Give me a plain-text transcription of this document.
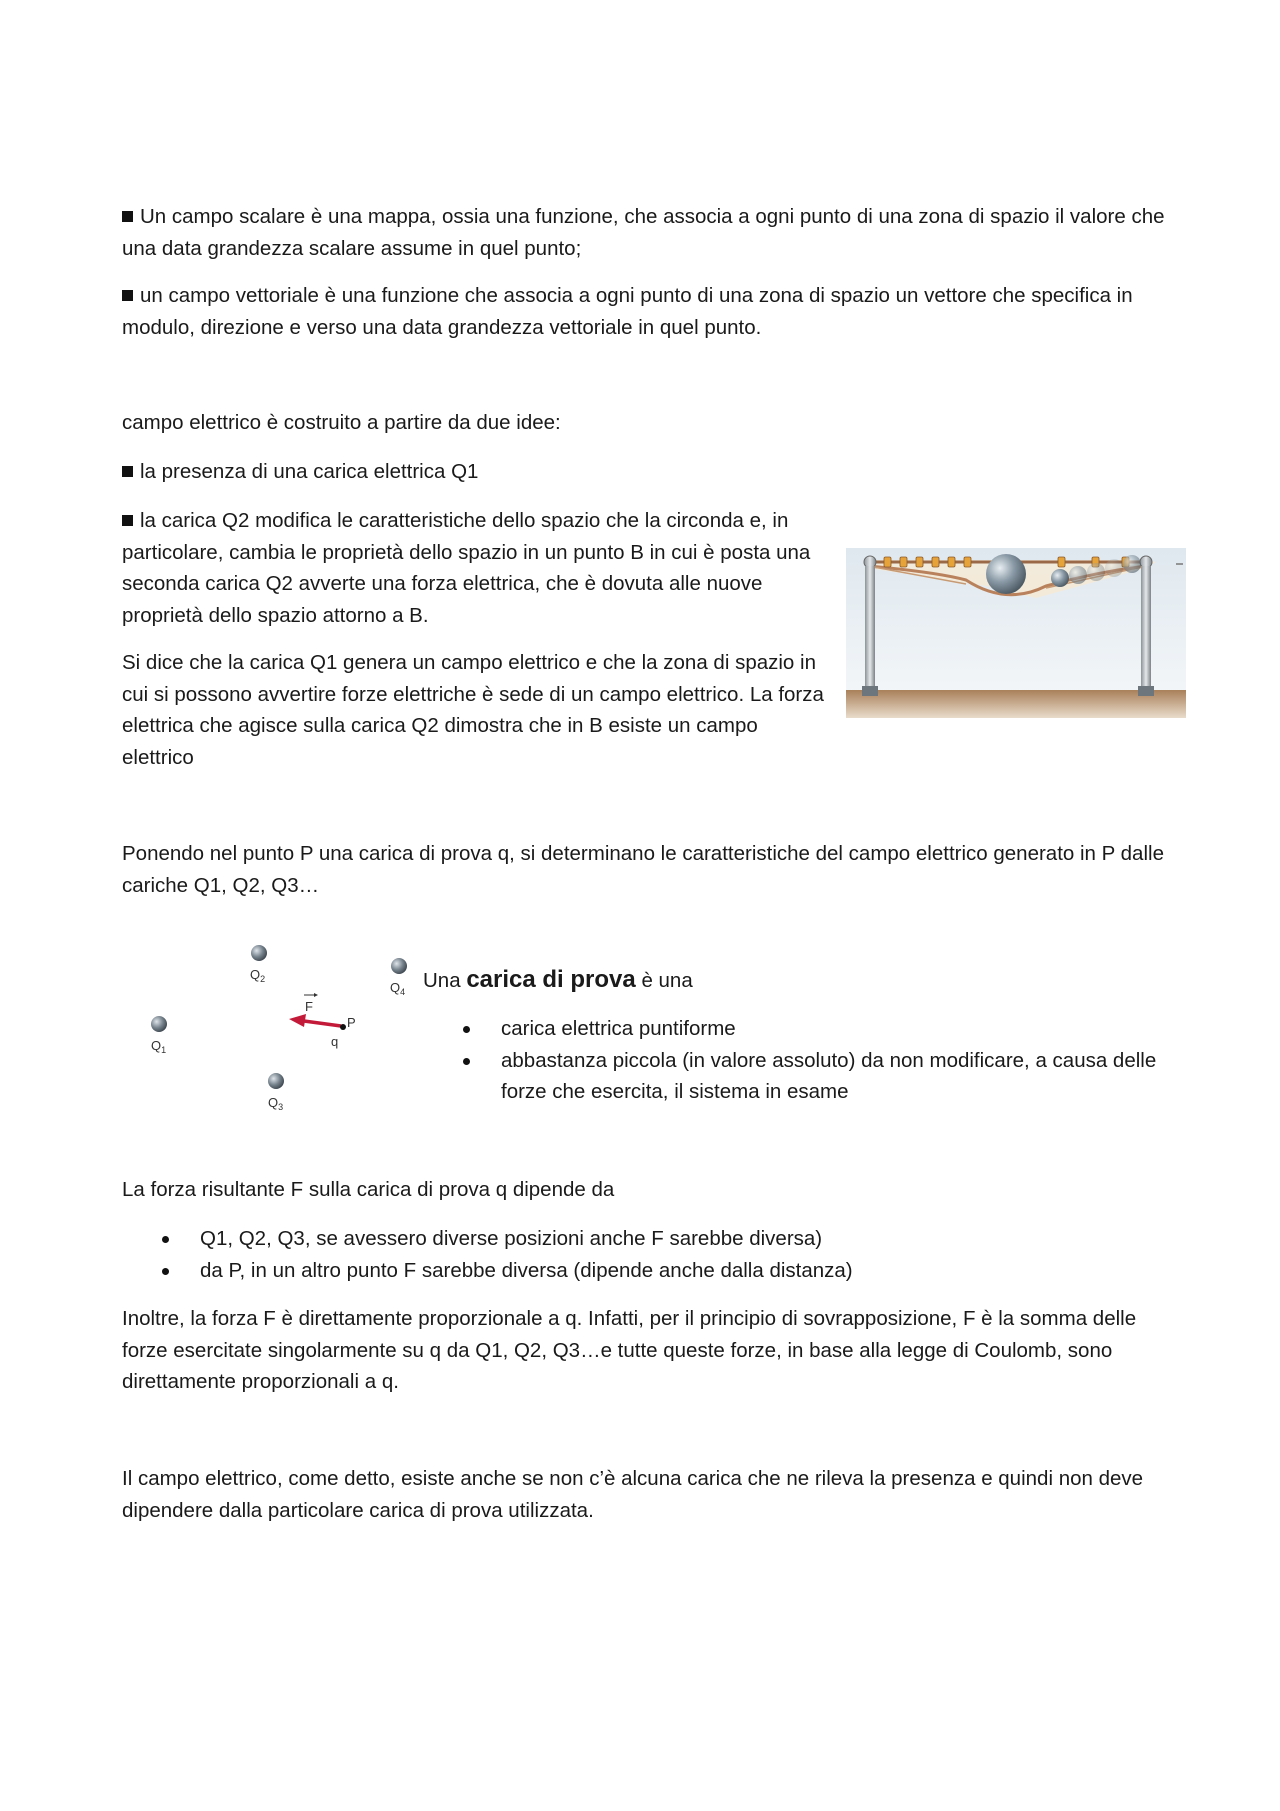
Un campo scalare è una mappa, ossia una funzione, che associa a ogni punto di una zona di spazio il valore che una data grandezza scalare assume in quel punto;

un campo vettoriale è una funzione che associa a ogni punto di una zona di spazio un vettore che specifica in modulo, direzione e verso una data grandezza vettoriale in quel punto.

campo elettrico è costruito a partire da due idee:

la presenza di una carica elettrica Q1

la carica Q2 modifica le caratteristiche dello spazio che la circonda e, in particolare, cambia le proprietà dello spazio in un punto B in cui è posta una seconda carica Q2 avverte una forza elettrica, che è dovuta alle nuove proprietà dello spazio attorno a B.

Si dice che la carica Q1 genera un campo elettrico e che la zona di spazio in cui si possono avvertire forze elettriche è sede di un campo elettrico. La forza elettrica che agisce sulla carica Q2 dimostra che in B esiste un campo elettrico

Ponendo nel punto P una carica di prova q, si determinano le caratteristiche del campo elettrico generato in P dalle cariche Q1, Q2, Q3…

F
P
q
$Q_2$
$Q_4$
$Q_1$
$Q_3$

Una carica di prova è una

carica elettrica puntiforme
abbastanza piccola (in valore assoluto) da non modificare, a causa delle forze che esercita, il sistema in esame

La forza risultante F sulla carica di prova q dipende da

Q1, Q2, Q3, se avessero diverse posizioni anche F sarebbe diversa)
da P, in un altro punto F sarebbe diversa (dipende anche dalla distanza)

Inoltre, la forza F è direttamente proporzionale a q. Infatti, per il principio di sovrapposizione, F è la somma delle forze esercitate singolarmente su q da Q1, Q2, Q3…e tutte queste forze, in base alla legge di Coulomb, sono direttamente proporzionali a q.

Il campo elettrico, come detto, esiste anche se non c’è alcuna carica che ne rileva la presenza e quindi non deve dipendere dalla particolare carica di prova utilizzata.
